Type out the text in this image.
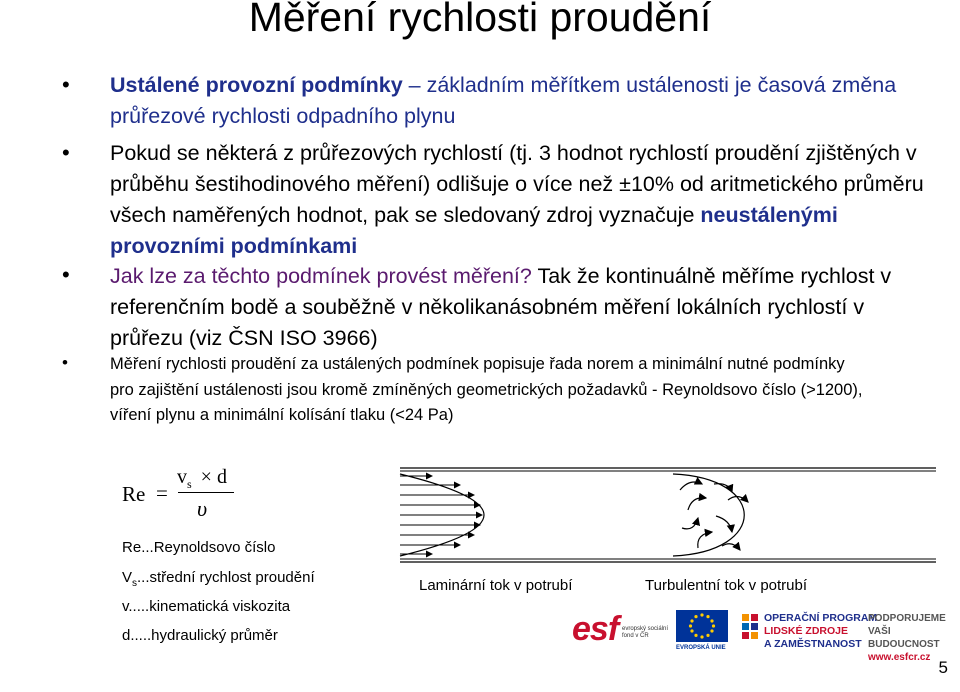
Měření rychlosti proudění
• Ustálené provozní podmínky – základním měřítkem ustálenosti je časová změna průřezové rychlosti odpadního plynu
• Pokud se některá z průřezových rychlostí (tj. 3 hodnot rychlostí proudění zjištěných v průběhu šestihodinového měření) odlišuje o více než ±10% od aritmetického průměru všech naměřených hodnot, pak se sledovaný zdroj vyznačuje neustálenými provozními podmínkami
• Jak lze za těchto podmínek provést měření? Tak že kontinuálně měříme rychlost v referenčním bodě a souběžně v několikanásobném měření lokálních rychlostí v průřezu (viz ČSN ISO 3966)
•	Měření rychlosti proudění za ustálených podmínek popisuje řada norem a minimální nutné podmínky pro zajištění ustálenosti jsou kromě zmíněných geometrických požadavků - Reynoldsovo číslo (>1200), víření plynu a minimální kolísání tlaku (<24 Pa)
Re =
$v_s \times d$
υ
Re...Reynoldsovo číslo
$V_s...střední$ rychlost proudění
v.....kinematická viskozita
d.....hydraulický průměr
Laminární tok v potrubí	Turbulentní tok v potrubí
esf evropský sociální fond v ČR
EVROPSKÁ UNIE
OPERAČNÍ PROGRAM
LIDSKÉ ZDROJE
A ZAMĚSTNANOST
PODPORUJEME
VAŠI BUDOUCNOST
www.esfcr.cz
5
